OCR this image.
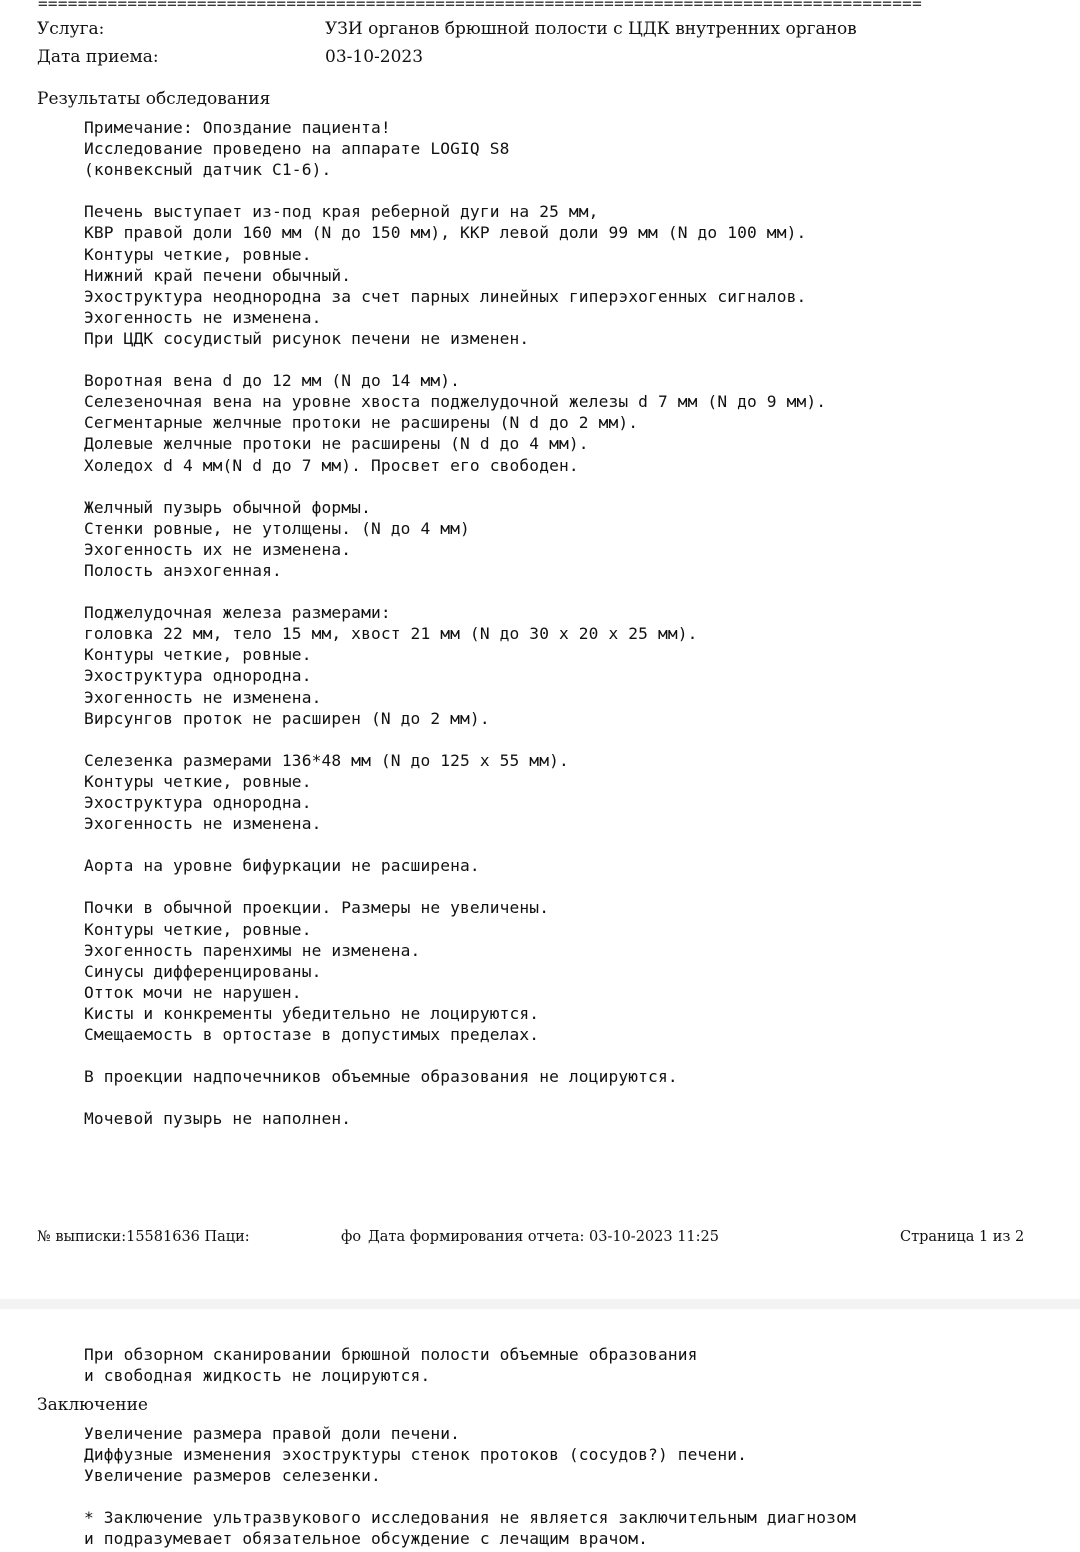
=========================================================================================
Услуга:	УЗИ органов брюшной полости с ЦДК внутренних органов
Дата приема:	03-10-2023
Результаты обследования
Примечание: Опоздание пациента!
Исследование проведено на аппарате LOGIQ S8
(конвексный датчик C1-6).
Печень выступает из-под края реберной дуги на 25 мм,
КВР правой доли 160 мм (N до 150 мм), ККР левой доли 99 мм (N до 100 мм).
Контуры четкие, ровные.
Нижний край печени обычный.
Эхоструктура неоднородна за счет парных линейных гиперэхогенных сигналов.
Эхогенность не изменена.
При ЦДК сосудистый рисунок печени не изменен.
Воротная вена d до 12 мм (N до 14 мм).
Селезеночная вена на уровне хвоста поджелудочной железы d 7 мм (N до 9 мм).
Сегментарные желчные протоки не расширены (N d до 2 мм).
Долевые желчные протоки не расширены (N d до 4 мм).
Холедох d 4 мм(N d до 7 мм). Просвет его свободен.
Желчный пузырь обычной формы.
Стенки ровные, не утолщены. (N до 4 мм)
Эхогенность их не изменена.
Полость анэхогенная.
Поджелудочная железа размерами:
головка 22 мм, тело 15 мм, хвост 21 мм (N до 30 x 20 x 25 мм).
Контуры четкие, ровные.
Эхоструктура однородна.
Эхогенность не изменена.
Вирсунгов проток не расширен (N до 2 мм).
Селезенка размерами 136*48 мм (N до 125 x 55 мм).
Контуры четкие, ровные.
Эхоструктура однородна.
Эхогенность не изменена.
Аорта на уровне бифуркации не расширена.
Почки в обычной проекции. Размеры не увеличены.
Контуры четкие, ровные.
Эхогенность паренхимы не изменена.
Синусы дифференцированы.
Отток мочи не нарушен.
Кисты и конкременты убедительно не лоцируются.
Смещаемость в ортостазе в допустимых пределах.
В проекции надпочечников объемные образования не лоцируются.
Мочевой пузырь не наполнен.
№ выписки:15581636 Паци:	фо Дата формирования отчета: 03-10-2023 11:25	Страница 1 из 2
При обзорном сканировании брюшной полости объемные образования
и свободная жидкость не лоцируются.
Заключение
Увеличение размера правой доли печени.
Диффузные изменения эхоструктуры стенок протоков (сосудов?) печени.
Увеличение размеров селезенки.
* Заключение ультразвукового исследования не является заключительным диагнозом
и подразумевает обязательное обсуждение с лечащим врачом.
